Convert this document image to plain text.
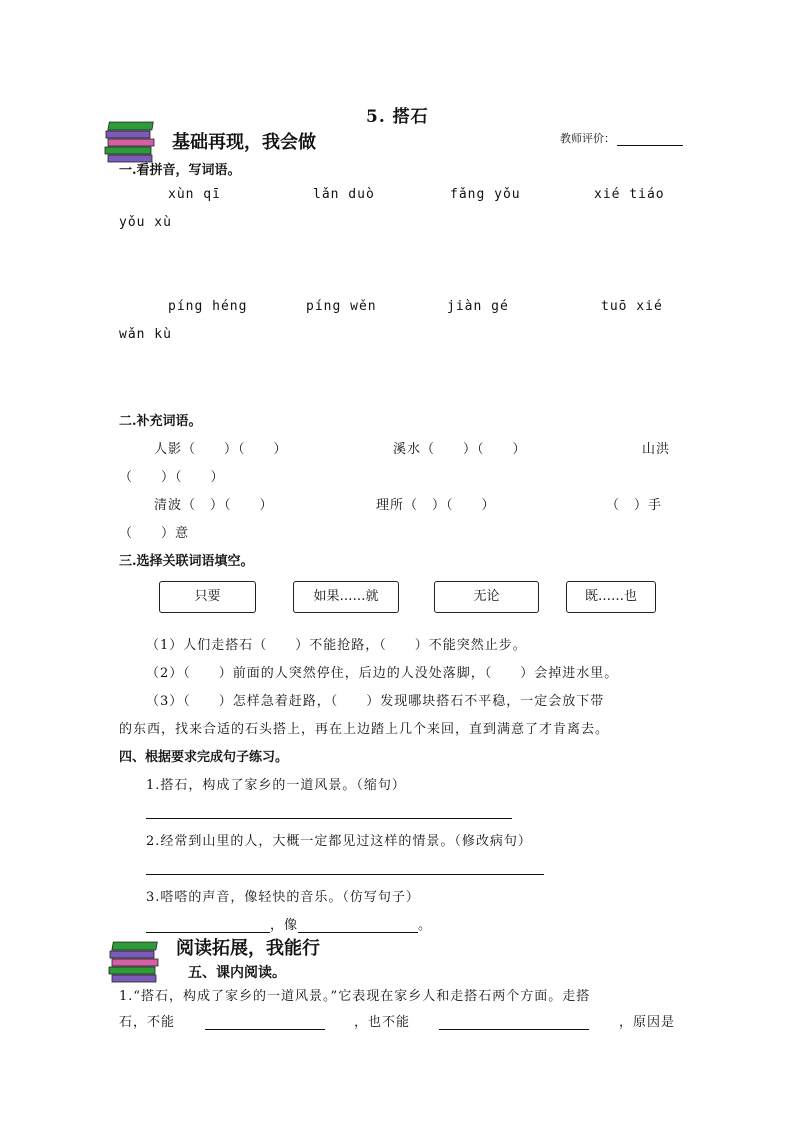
5. 搭石
基础再现，我会做	教师评价：
一.看拼音，写词语。
xùn qī	lǎn duò	fǎng yǒu	xié tiáo
yǒu xù
píng héng	píng wěn	jiàn gé	tuō xié
wǎn kù
二.补充词语。
人影（　　）（　　）	溪水（　　）（　　）	山洪
（　　）（　　）
清波（　）（　　）	理所（　）（　　）	（　）手
（　　）意
三.选择关联词语填空。
只要	如果……就	无论	既……也
（1）人们走搭石（　　）不能抢路，（　　）不能突然止步。
（2）（　　）前面的人突然停住，后边的人没处落脚，（　　）会掉进水里。
（3）（　　）怎样急着赶路，（　　）发现哪块搭石不平稳，一定会放下带
的东西，找来合适的石头搭上，再在上边踏上几个来回，直到满意了才肯离去。
四、根据要求完成句子练习。
1.搭石，构成了家乡的一道风景。（缩句）
2.经常到山里的人，大概一定都见过这样的情景。（修改病句）
3.嗒嗒的声音，像轻快的音乐。（仿写句子）
，像	。
阅读拓展，我能行
五、课内阅读。
1.“搭石，构成了家乡的一道风景。”它表现在家乡人和走搭石两个方面。走搭
石，不能	，也不能	，原因是
